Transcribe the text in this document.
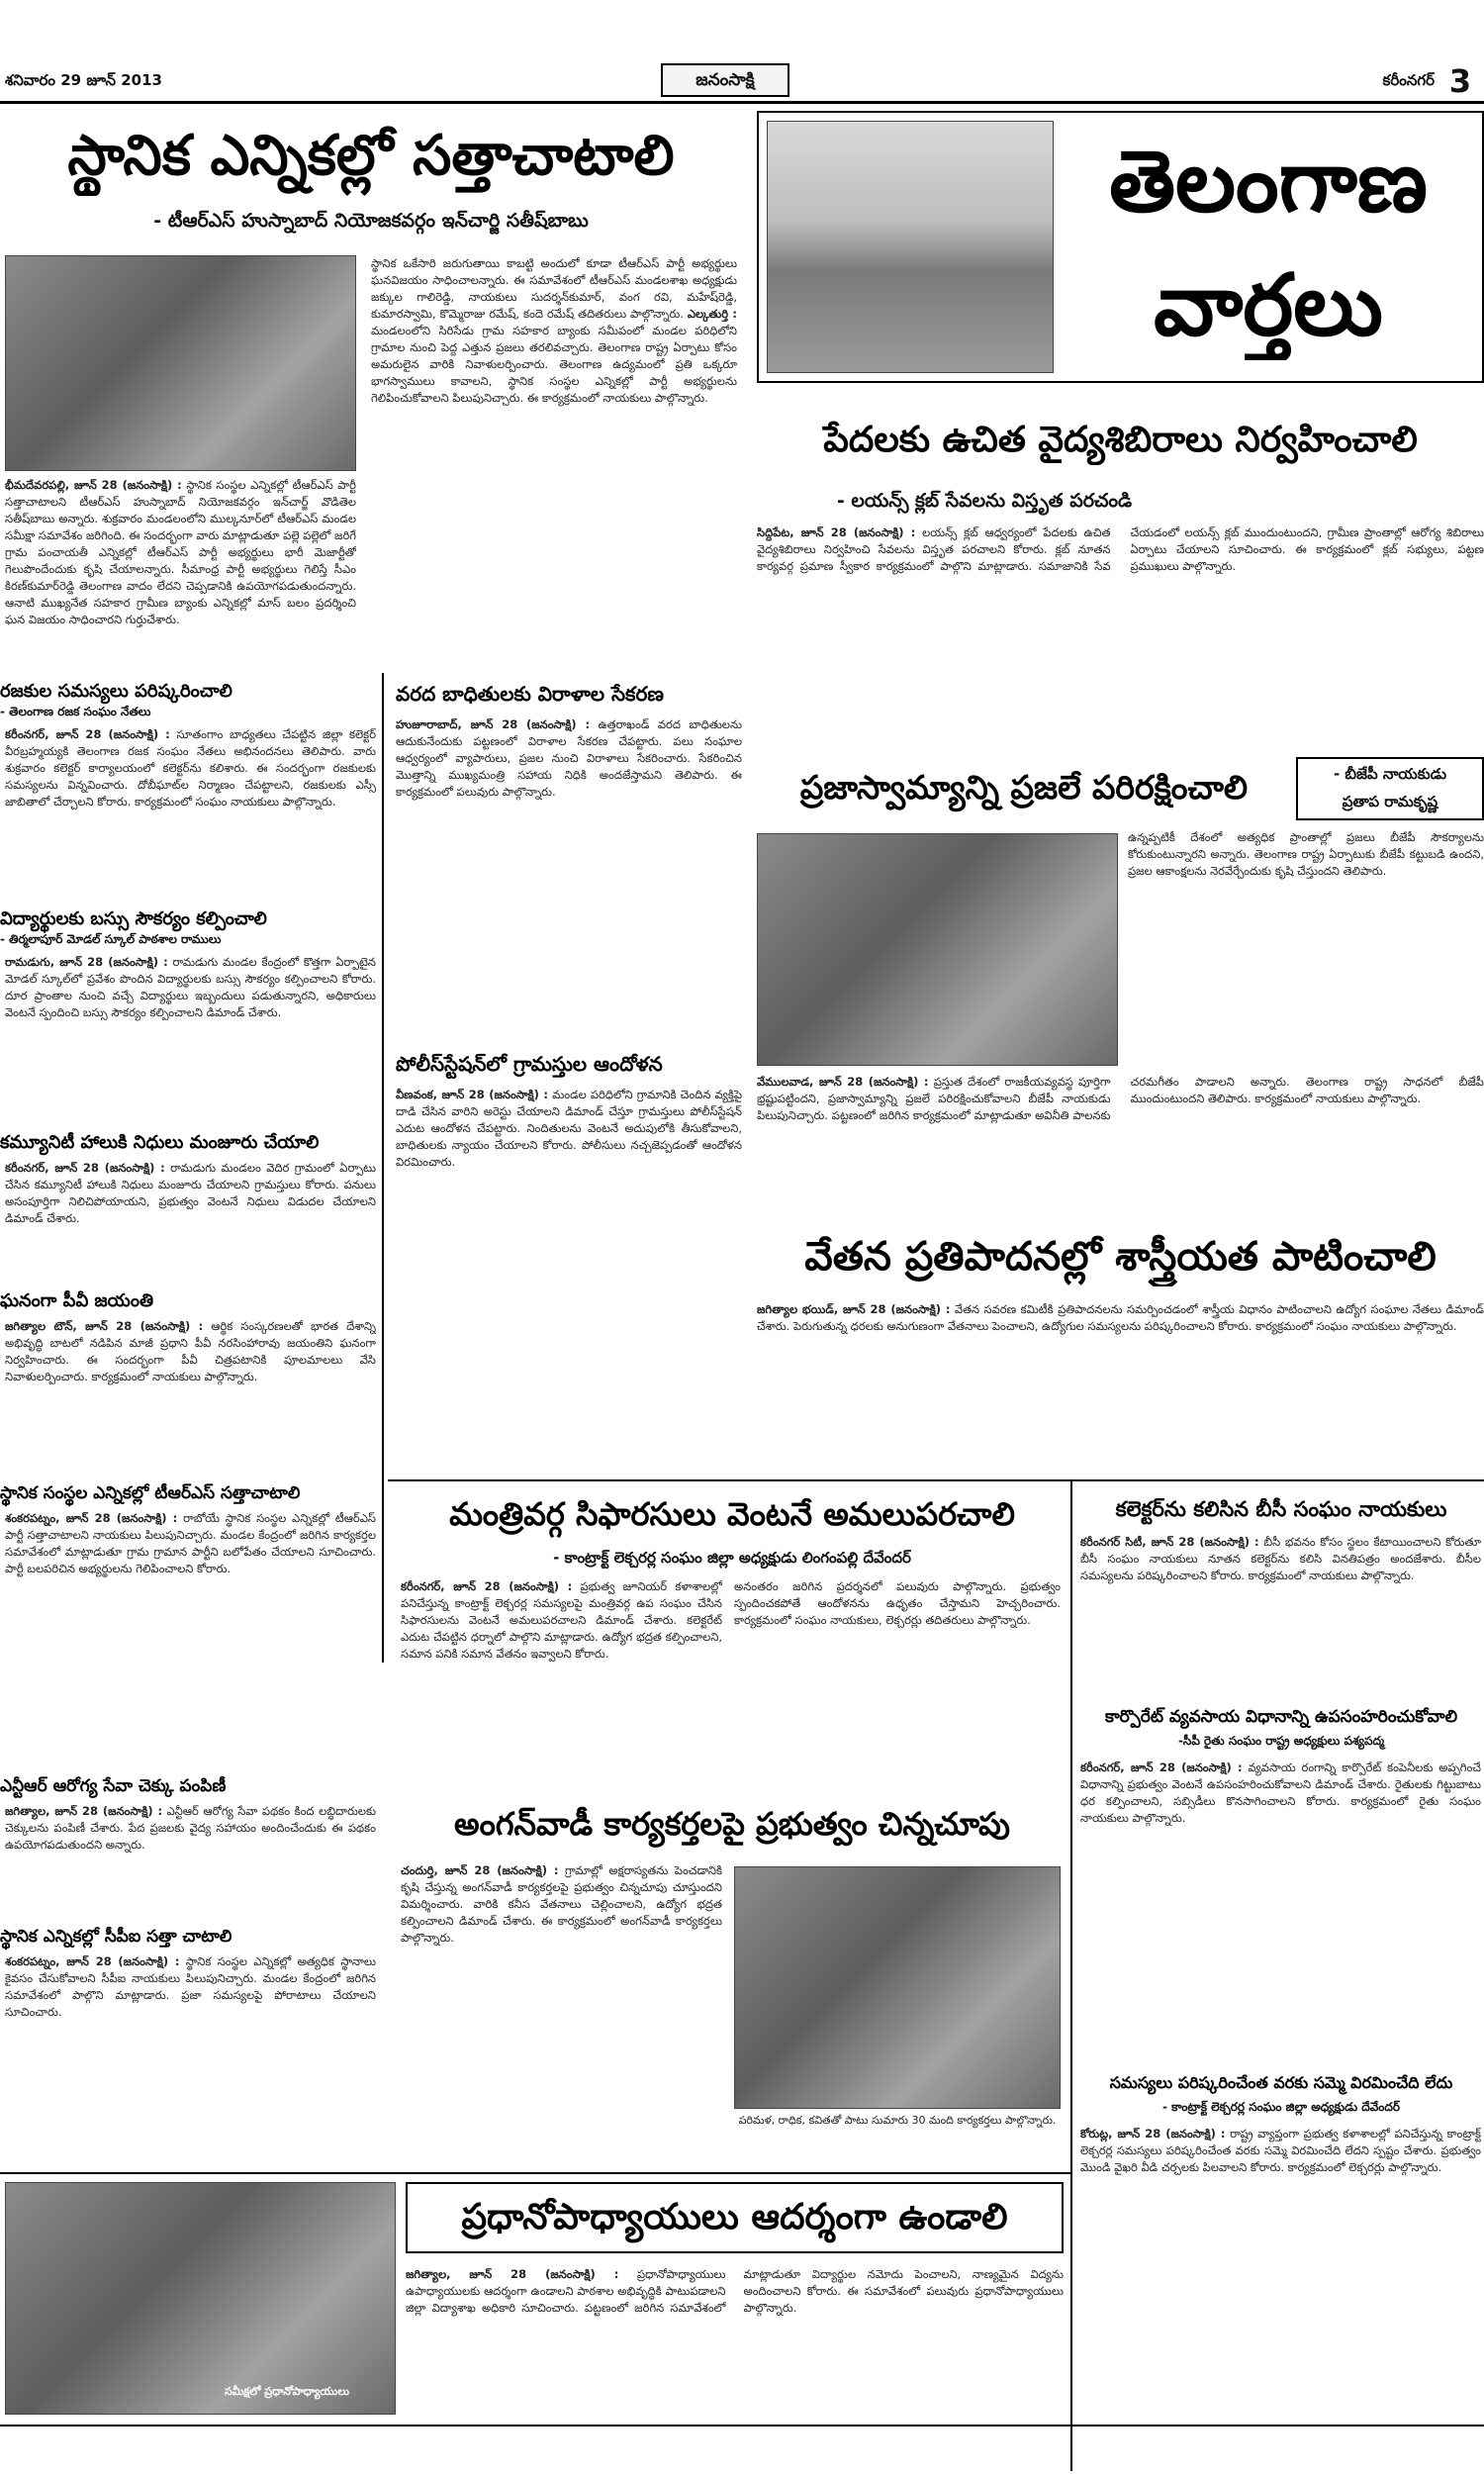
శనివారం 29 జూన్ 2013	జనంసాక్షి	కరీంనగర్ 3
స్థానిక ఎన్నికల్లో సత్తాచాటాలి
- టీఆర్ఎస్ హుస్నాబాద్ నియోజకవర్గం ఇన్‌చార్జి సతీష్‌బాబు
భీమదేవరపల్లి, జూన్ 28 (జనంసాక్షి) : స్థానిక సంస్థల ఎన్నికల్లో టీఆర్ఎస్ పార్టీ సత్తాచాటాలని టీఆర్ఎస్ హుస్నాబాద్ నియోజకవర్గం ఇన్‌చార్జ్ వొడితెల సతీష్‌బాబు అన్నారు. శుక్రవారం మండలంలోని ముల్కనూర్‌లో టీఆర్ఎస్ మండల సమీక్షా సమావేశం జరిగింది. ఈ సందర్భంగా వారు మాట్లాడుతూ పల్లె పల్లెలో జరిగే గ్రామ పంచాయతీ ఎన్నికల్లో టీఆర్ఎస్ పార్టీ అభ్యర్థులు భారీ మెజార్టీతో గెలుపొందేందుకు కృషి చేయాలన్నారు. సీమాంధ్ర పార్టీ అభ్యర్థులు గెలిస్తే సీఎం కిరణ్‌కుమార్‌రెడ్డి తెలంగాణ వాదం లేదని చెప్పడానికి ఉపయోగపడుతుందన్నారు. ఆనాటి ముఖ్యనేత సహకార గ్రామీణ బ్యాంకు ఎన్నికల్లో మాస్ బలం ప్రదర్శించి ఘన విజయం సాధించారని గుర్తుచేశారు.
స్థానిక ఒకేసారి జరుగుతాయి కాబట్టి అందులో కూడా టీఆర్ఎస్ పార్టీ అభ్యర్థులు ఘనవిజయం సాధించాలన్నారు. ఈ సమావేశంలో టీఆర్ఎస్ మండలశాఖ అధ్యక్షుడు జక్కుల గాలిరెడ్డి, నాయకులు సుదర్శన్‌కుమార్, వంగ రవి, మహేష్‌రెడ్డి, కుమారస్వామి, కొమ్మెరాజు రమేష్, కందె రమేష్ తదితరులు పాల్గొన్నారు. ఎల్కతుర్తి : మండలంలోని సిరిసేడు గ్రామ సహకార బ్యాంకు సమీపంలో మండల పరిధిలోని గ్రామాల నుంచి పెద్ద ఎత్తున ప్రజలు తరలివచ్చారు. తెలంగాణ రాష్ట్ర ఏర్పాటు కోసం అమరులైన వారికి నివాళులర్పించారు. తెలంగాణ ఉద్యమంలో ప్రతి ఒక్కరూ భాగస్వాములు కావాలని, స్థానిక సంస్థల ఎన్నికల్లో పార్టీ అభ్యర్థులను గెలిపించుకోవాలని పిలుపునిచ్చారు. ఈ కార్యక్రమంలో నాయకులు పాల్గొన్నారు.
తెలంగాణ
వార్తలు
పేదలకు ఉచిత వైద్యశిబిరాలు నిర్వహించాలి
- లయన్స్ క్లబ్ సేవలను విస్తృత పరచండి
సిద్దిపేట, జూన్ 28 (జనంసాక్షి) : లయన్స్ క్లబ్ ఆధ్వర్యంలో పేదలకు ఉచిత వైద్యశిబిరాలు నిర్వహించి సేవలను విస్తృత పరచాలని కోరారు. క్లబ్ నూతన కార్యవర్గ ప్రమాణ స్వీకార కార్యక్రమంలో పాల్గొని మాట్లాడారు. సమాజానికి సేవ చేయడంలో లయన్స్ క్లబ్ ముందుంటుందని, గ్రామీణ ప్రాంతాల్లో ఆరోగ్య శిబిరాలు ఏర్పాటు చేయాలని సూచించారు. ఈ కార్యక్రమంలో క్లబ్ సభ్యులు, పట్టణ ప్రముఖులు పాల్గొన్నారు.
ప్రజాస్వామ్యాన్ని ప్రజలే పరిరక్షించాలి	- బీజేపీ నాయకుడు
ప్రతాప రామకృష్ణ
ఉన్నప్పటికీ దేశంలో అత్యధిక ప్రాంతాల్లో ప్రజలు బీజేపీ సౌకర్యాలను కోరుకుంటున్నారని అన్నారు. తెలంగాణ రాష్ట్ర ఏర్పాటుకు బీజేపీ కట్టుబడి ఉందని, ప్రజల ఆకాంక్షలను నెరవేర్చేందుకు కృషి చేస్తుందని తెలిపారు.
వేములవాడ, జూన్ 28 (జనంసాక్షి) : ప్రస్తుత దేశంలో రాజకీయవ్యవస్థ పూర్తిగా భ్రష్టుపట్టిందని, ప్రజాస్వామ్యాన్ని ప్రజలే పరిరక్షించుకోవాలని బీజేపీ నాయకుడు పిలుపునిచ్చారు. పట్టణంలో జరిగిన కార్యక్రమంలో మాట్లాడుతూ అవినీతి పాలనకు చరమగీతం పాడాలని అన్నారు. తెలంగాణ రాష్ట్ర సాధనలో బీజేపీ ముందుంటుందని తెలిపారు. కార్యక్రమంలో నాయకులు పాల్గొన్నారు.
వేతన ప్రతిపాదనల్లో శాస్త్రీయత పాటించాలి
జగిత్యాల భయిడ్, జూన్ 28 (జనంసాక్షి) : వేతన సవరణ కమిటీకి ప్రతిపాదనలను సమర్పించడంలో శాస్త్రీయ విధానం పాటించాలని ఉద్యోగ సంఘాల నేతలు డిమాండ్ చేశారు. పెరుగుతున్న ధరలకు అనుగుణంగా వేతనాలు పెంచాలని, ఉద్యోగుల సమస్యలను పరిష్కరించాలని కోరారు. కార్యక్రమంలో సంఘం నాయకులు పాల్గొన్నారు.
రజకుల సమస్యలు పరిష్కరించాలి
- తెలంగాణ రజక సంఘం నేతలు
కరీంనగర్, జూన్ 28 (జనంసాక్షి) : సూతంగాం బాధ్యతలు చేపట్టిన జిల్లా కలెక్టర్ వీరబ్రహ్మయ్యకి తెలంగాణ రజక సంఘం నేతలు అభినందనలు తెలిపారు. వారు శుక్రవారం కలెక్టర్ కార్యాలయంలో కలెక్టర్‌ను కలిశారు. ఈ సందర్భంగా రజకులకు సమస్యలను విన్నవించారు. దోబీఘాట్‌ల నిర్మాణం చేపట్టాలని, రజకులకు ఎస్సీ జాబితాలో చేర్చాలని కోరారు. కార్యక్రమంలో సంఘం నాయకులు పాల్గొన్నారు.
విద్యార్థులకు బస్సు సౌకర్యం కల్పించాలి
- తిర్మలాపూర్ మోడల్ స్కూల్ పాఠశాల రాములు
రామడుగు, జూన్ 28 (జనంసాక్షి) : రామడుగు మండల కేంద్రంలో కొత్తగా ఏర్పాటైన మోడల్ స్కూల్‌లో ప్రవేశం పొందిన విద్యార్థులకు బస్సు సౌకర్యం కల్పించాలని కోరారు. దూర ప్రాంతాల నుంచి వచ్చే విద్యార్థులు ఇబ్బందులు పడుతున్నారని, అధికారులు వెంటనే స్పందించి బస్సు సౌకర్యం కల్పించాలని డిమాండ్ చేశారు.
కమ్యూనిటీ హాలుకి నిధులు మంజూరు చేయాలి
కరీంనగర్, జూన్ 28 (జనంసాక్షి) : రామడుగు మండలం వెదిర గ్రామంలో ఏర్పాటు చేసిన కమ్యూనిటీ హాలుకి నిధులు మంజూరు చేయాలని గ్రామస్తులు కోరారు. పనులు అసంపూర్తిగా నిలిచిపోయాయని, ప్రభుత్వం వెంటనే నిధులు విడుదల చేయాలని డిమాండ్ చేశారు.
ఘనంగా పీవీ జయంతి
జగిత్యాల టౌన్, జూన్ 28 (జనంసాక్షి) : ఆర్థిక సంస్కరణలతో భారత దేశాన్ని అభివృద్ధి బాటలో నడిపిన మాజీ ప్రధాని పీవీ నరసింహారావు జయంతిని ఘనంగా నిర్వహించారు. ఈ సందర్భంగా పీవీ చిత్రపటానికి పూలమాలలు వేసి నివాళులర్పించారు. కార్యక్రమంలో నాయకులు పాల్గొన్నారు.
స్థానిక సంస్థల ఎన్నికల్లో టీఆర్ఎస్ సత్తాచాటాలి
శంకరపట్నం, జూన్ 28 (జనంసాక్షి) : రాబోయే స్థానిక సంస్థల ఎన్నికల్లో టీఆర్ఎస్ పార్టీ సత్తాచాటాలని నాయకులు పిలుపునిచ్చారు. మండల కేంద్రంలో జరిగిన కార్యకర్తల సమావేశంలో మాట్లాడుతూ గ్రామ గ్రామాన పార్టీని బలోపేతం చేయాలని సూచించారు. పార్టీ బలపరిచిన అభ్యర్థులను గెలిపించాలని కోరారు.
ఎన్టీఆర్ ఆరోగ్య సేవా చెక్కు పంపిణీ
జగిత్యాల, జూన్ 28 (జనంసాక్షి) : ఎన్టీఆర్ ఆరోగ్య సేవా పథకం కింద లబ్ధిదారులకు చెక్కులను పంపిణీ చేశారు. పేద ప్రజలకు వైద్య సహాయం అందించేందుకు ఈ పథకం ఉపయోగపడుతుందని అన్నారు.
స్థానిక ఎన్నికల్లో సీపీఐ సత్తా చాటాలి
శంకరపట్నం, జూన్ 28 (జనంసాక్షి) : స్థానిక సంస్థల ఎన్నికల్లో అత్యధిక స్థానాలు కైవసం చేసుకోవాలని సీపీఐ నాయకులు పిలుపునిచ్చారు. మండల కేంద్రంలో జరిగిన సమావేశంలో పాల్గొని మాట్లాడారు. ప్రజా సమస్యలపై పోరాటాలు చేయాలని సూచించారు.
వరద బాధితులకు విరాళాల సేకరణ
హుజూరాబాద్, జూన్ 28 (జనంసాక్షి) : ఉత్తరాఖండ్ వరద బాధితులను ఆదుకునేందుకు పట్టణంలో విరాళాల సేకరణ చేపట్టారు. పలు సంఘాల ఆధ్వర్యంలో వ్యాపారులు, ప్రజల నుంచి విరాళాలు సేకరించారు. సేకరించిన మొత్తాన్ని ముఖ్యమంత్రి సహాయ నిధికి అందజేస్తామని తెలిపారు. ఈ కార్యక్రమంలో పలువురు పాల్గొన్నారు.
పోలీస్‌స్టేషన్‌లో గ్రామస్తుల ఆందోళన
వీణవంక, జూన్ 28 (జనంసాక్షి) : మండల పరిధిలోని గ్రామానికి చెందిన వ్యక్తిపై దాడి చేసిన వారిని అరెస్టు చేయాలని డిమాండ్ చేస్తూ గ్రామస్తులు పోలీస్‌స్టేషన్ ఎదుట ఆందోళన చేపట్టారు. నిందితులను వెంటనే అదుపులోకి తీసుకోవాలని, బాధితులకు న్యాయం చేయాలని కోరారు. పోలీసులు నచ్చజెప్పడంతో ఆందోళన విరమించారు.
మంత్రివర్గ సిఫారసులు వెంటనే అమలుపరచాలి
- కాంట్రాక్ట్ లెక్చరర్ల సంఘం జిల్లా అధ్యక్షుడు లింగంపల్లి దేవేందర్
కరీంనగర్, జూన్ 28 (జనంసాక్షి) : ప్రభుత్వ జూనియర్ కళాశాలల్లో పనిచేస్తున్న కాంట్రాక్ట్ లెక్చరర్ల సమస్యలపై మంత్రివర్గ ఉప సంఘం చేసిన సిఫారసులను వెంటనే అమలుపరచాలని డిమాండ్ చేశారు. కలెక్టరేట్ ఎదుట చేపట్టిన ధర్నాలో పాల్గొని మాట్లాడారు. ఉద్యోగ భద్రత కల్పించాలని, సమాన పనికి సమాన వేతనం ఇవ్వాలని కోరారు.
అనంతరం జరిగిన ప్రదర్శనలో పలువురు పాల్గొన్నారు. ప్రభుత్వం స్పందించకపోతే ఆందోళనను ఉధృతం చేస్తామని హెచ్చరించారు. కార్యక్రమంలో సంఘం నాయకులు, లెక్చరర్లు తదితరులు పాల్గొన్నారు.
అంగన్‌వాడీ కార్యకర్తలపై ప్రభుత్వం చిన్నచూపు
చందుర్తి, జూన్ 28 (జనంసాక్షి) : గ్రామాల్లో అక్షరాస్యతను పెంచడానికి కృషి చేస్తున్న అంగన్‌వాడీ కార్యకర్తలపై ప్రభుత్వం చిన్నచూపు చూస్తుందని విమర్శించారు. వారికి కనీస వేతనాలు చెల్లించాలని, ఉద్యోగ భద్రత కల్పించాలని డిమాండ్ చేశారు. ఈ కార్యక్రమంలో అంగన్‌వాడీ కార్యకర్తలు పాల్గొన్నారు.
పరిమళ, రాధిక, కవితతో పాటు సుమారు 30 మంది కార్యకర్తలు పాల్గొన్నారు.
కలెక్టర్‌ను కలిసిన బీసీ సంఘం నాయకులు
కరీంనగర్ సిటీ, జూన్ 28 (జనంసాక్షి) : బీసీ భవనం కోసం స్థలం కేటాయించాలని కోరుతూ బీసీ సంఘం నాయకులు నూతన కలెక్టర్‌ను కలిసి వినతిపత్రం అందజేశారు. బీసీల సమస్యలను పరిష్కరించాలని కోరారు. కార్యక్రమంలో నాయకులు పాల్గొన్నారు.
కార్పొరేట్ వ్యవసాయ విధానాన్ని ఉపసంహరించుకోవాలి
-సీపీ రైతు సంఘం రాష్ట్ర అధ్యక్షులు పశ్యపద్మ
కరీంనగర్, జూన్ 28 (జనంసాక్షి) : వ్యవసాయ రంగాన్ని కార్పొరేట్ కంపెనీలకు అప్పగించే విధానాన్ని ప్రభుత్వం వెంటనే ఉపసంహరించుకోవాలని డిమాండ్ చేశారు. రైతులకు గిట్టుబాటు ధర కల్పించాలని, సబ్సిడీలు కొనసాగించాలని కోరారు. కార్యక్రమంలో రైతు సంఘం నాయకులు పాల్గొన్నారు.
సమస్యలు పరిష్కరించేంత వరకు సమ్మె విరమించేది లేదు
- కాంట్రాక్ట్ లెక్చరర్ల సంఘం జిల్లా అధ్యక్షుడు దేవేందర్
కోరుట్ల, జూన్ 28 (జనంసాక్షి) : రాష్ట్ర వ్యాప్తంగా ప్రభుత్వ కళాశాలల్లో పనిచేస్తున్న కాంట్రాక్ట్ లెక్చరర్ల సమస్యలు పరిష్కరించేంత వరకు సమ్మె విరమించేది లేదని స్పష్టం చేశారు. ప్రభుత్వం మొండి వైఖరి వీడి చర్చలకు పిలవాలని కోరారు. కార్యక్రమంలో లెక్చరర్లు పాల్గొన్నారు.
సమీక్షలో ప్రధానోపాధ్యాయులు
ప్రధానోపాధ్యాయులు ఆదర్శంగా ఉండాలి
జగిత్యాల, జూన్ 28 (జనంసాక్షి) : ప్రధానోపాధ్యాయులు ఉపాధ్యాయులకు ఆదర్శంగా ఉండాలని పాఠశాల అభివృద్ధికి పాటుపడాలని జిల్లా విద్యాశాఖ అధికారి సూచించారు. పట్టణంలో జరిగిన సమావేశంలో మాట్లాడుతూ విద్యార్థుల నమోదు పెంచాలని, నాణ్యమైన విద్యను అందించాలని కోరారు. ఈ సమావేశంలో పలువురు ప్రధానోపాధ్యాయులు పాల్గొన్నారు.
